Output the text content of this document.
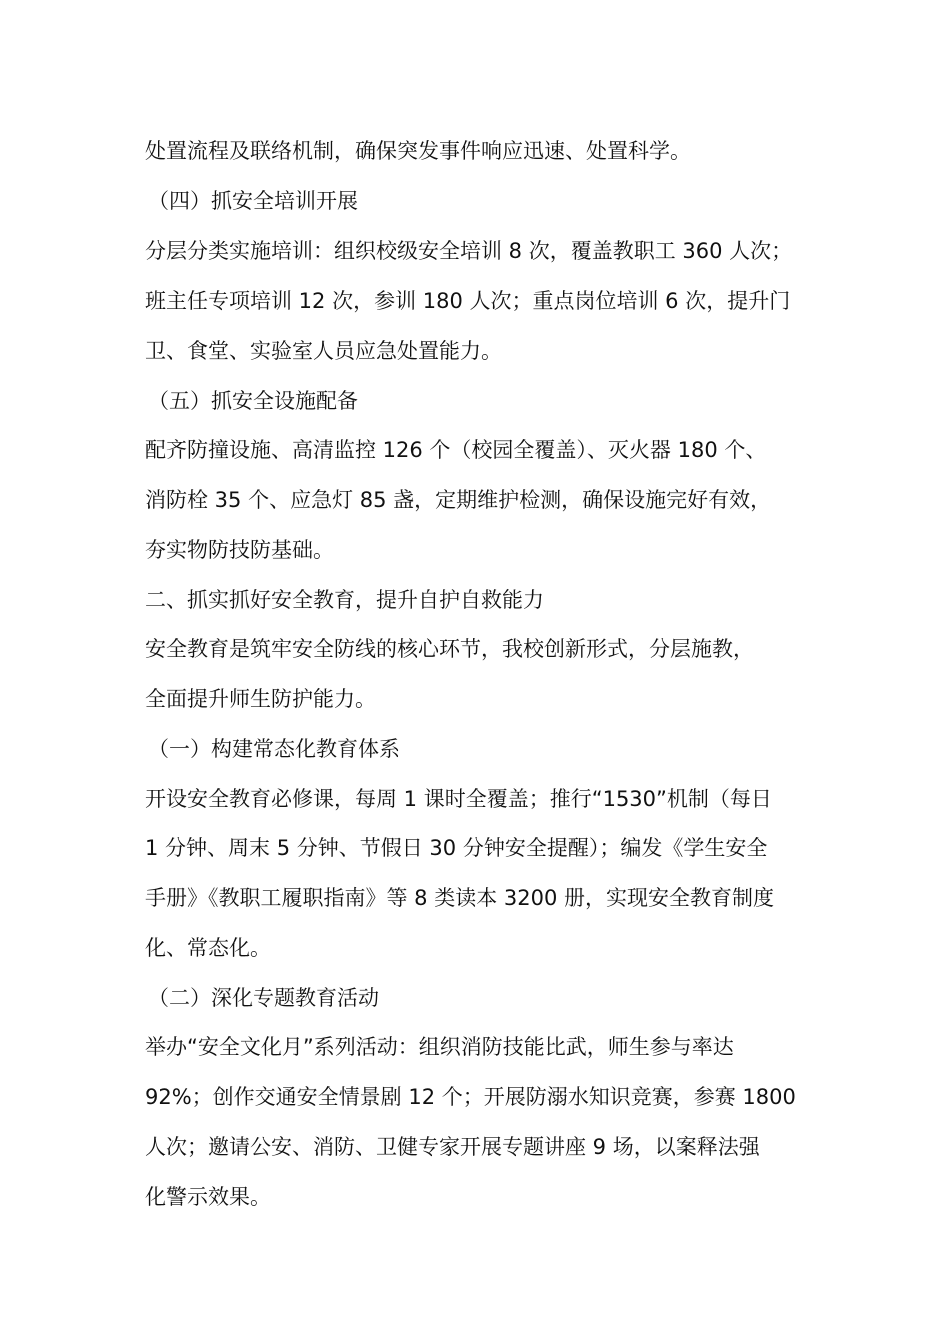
处置流程及联络机制，确保突发事件响应迅速、处置科学。
（四）抓安全培训开展
分层分类实施培训：组织校级安全培训 8 次，覆盖教职工 360 人次；
班主任专项培训 12 次，参训 180 人次；重点岗位培训 6 次，提升门
卫、食堂、实验室人员应急处置能力。
（五）抓安全设施配备
配齐防撞设施、高清监控 126 个（校园全覆盖）、灭火器 180 个、
消防栓 35 个、应急灯 85 盏，定期维护检测，确保设施完好有效，
夯实物防技防基础。
二、抓实抓好安全教育，提升自护自救能力
安全教育是筑牢安全防线的核心环节，我校创新形式，分层施教，
全面提升师生防护能力。
（一）构建常态化教育体系
开设安全教育必修课，每周 1 课时全覆盖；推行“1530”机制（每日
1 分钟、周末 5 分钟、节假日 30 分钟安全提醒）；编发《学生安全
手册》《教职工履职指南》等 8 类读本 3200 册，实现安全教育制度
化、常态化。
（二）深化专题教育活动
举办“安全文化月”系列活动：组织消防技能比武，师生参与率达
92%；创作交通安全情景剧 12 个；开展防溺水知识竞赛，参赛 1800
人次；邀请公安、消防、卫健专家开展专题讲座 9 场，以案释法强
化警示效果。
